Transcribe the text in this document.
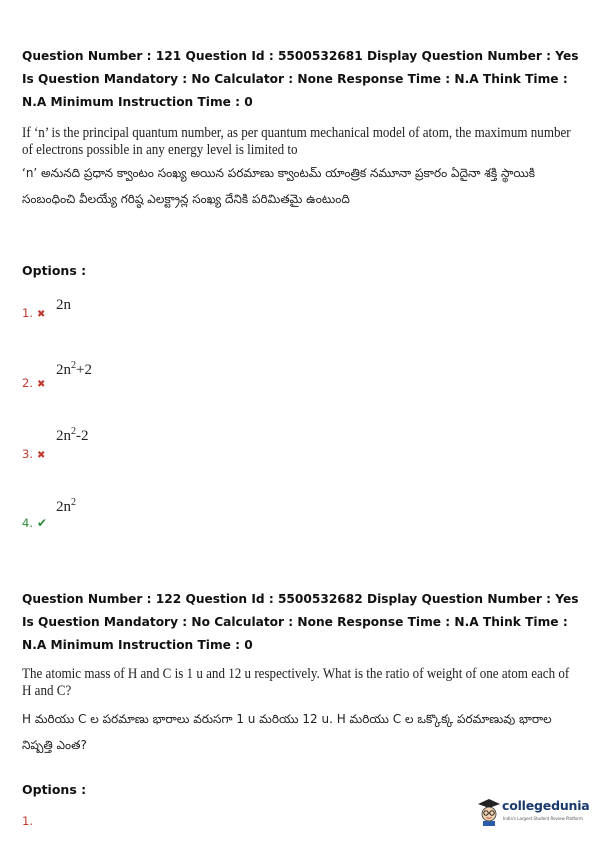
Question Number : 121 Question Id : 5500532681 Display Question Number : Yes Is Question Mandatory : No Calculator : None Response Time : N.A Think Time : N.A Minimum Instruction Time : 0
If ‘n’ is the principal quantum number, as per quantum mechanical model of atom, the maximum number of electrons possible in any energy level is limited to
‘n’ అనునది ప్రధాన క్వాంటం సంఖ్య అయిన పరమాణు క్వాంటమ్ యాంత్రిక నమూనా ప్రకారం ఏదైనా శక్తి స్థాయికి సంబంధించి వీలయ్యే గరిష్ఠ ఎలక్ట్రాన్ల సంఖ్య దేనికి పరిమితమై ఉంటుంది
Options :
1. ✖
2n
2. ✖
$2n^2+2$
3. ✖
$2n^2-2$
4. ✔
$2n^2$
Question Number : 122 Question Id : 5500532682 Display Question Number : Yes Is Question Mandatory : No Calculator : None Response Time : N.A Think Time : N.A Minimum Instruction Time : 0
The atomic mass of H and C is 1 u and 12 u respectively. What is the ratio of weight of one atom each of H and C?
H మరియు C ల పరమాణు భారాలు వరుసగా 1 u మరియు 12 u. H మరియు C ల ఒక్కొక్క పరమాణువు భారాల నిష్పత్తి ఎంత?
Options :
1.
collegedunia
India's Largest Student Review Platform
